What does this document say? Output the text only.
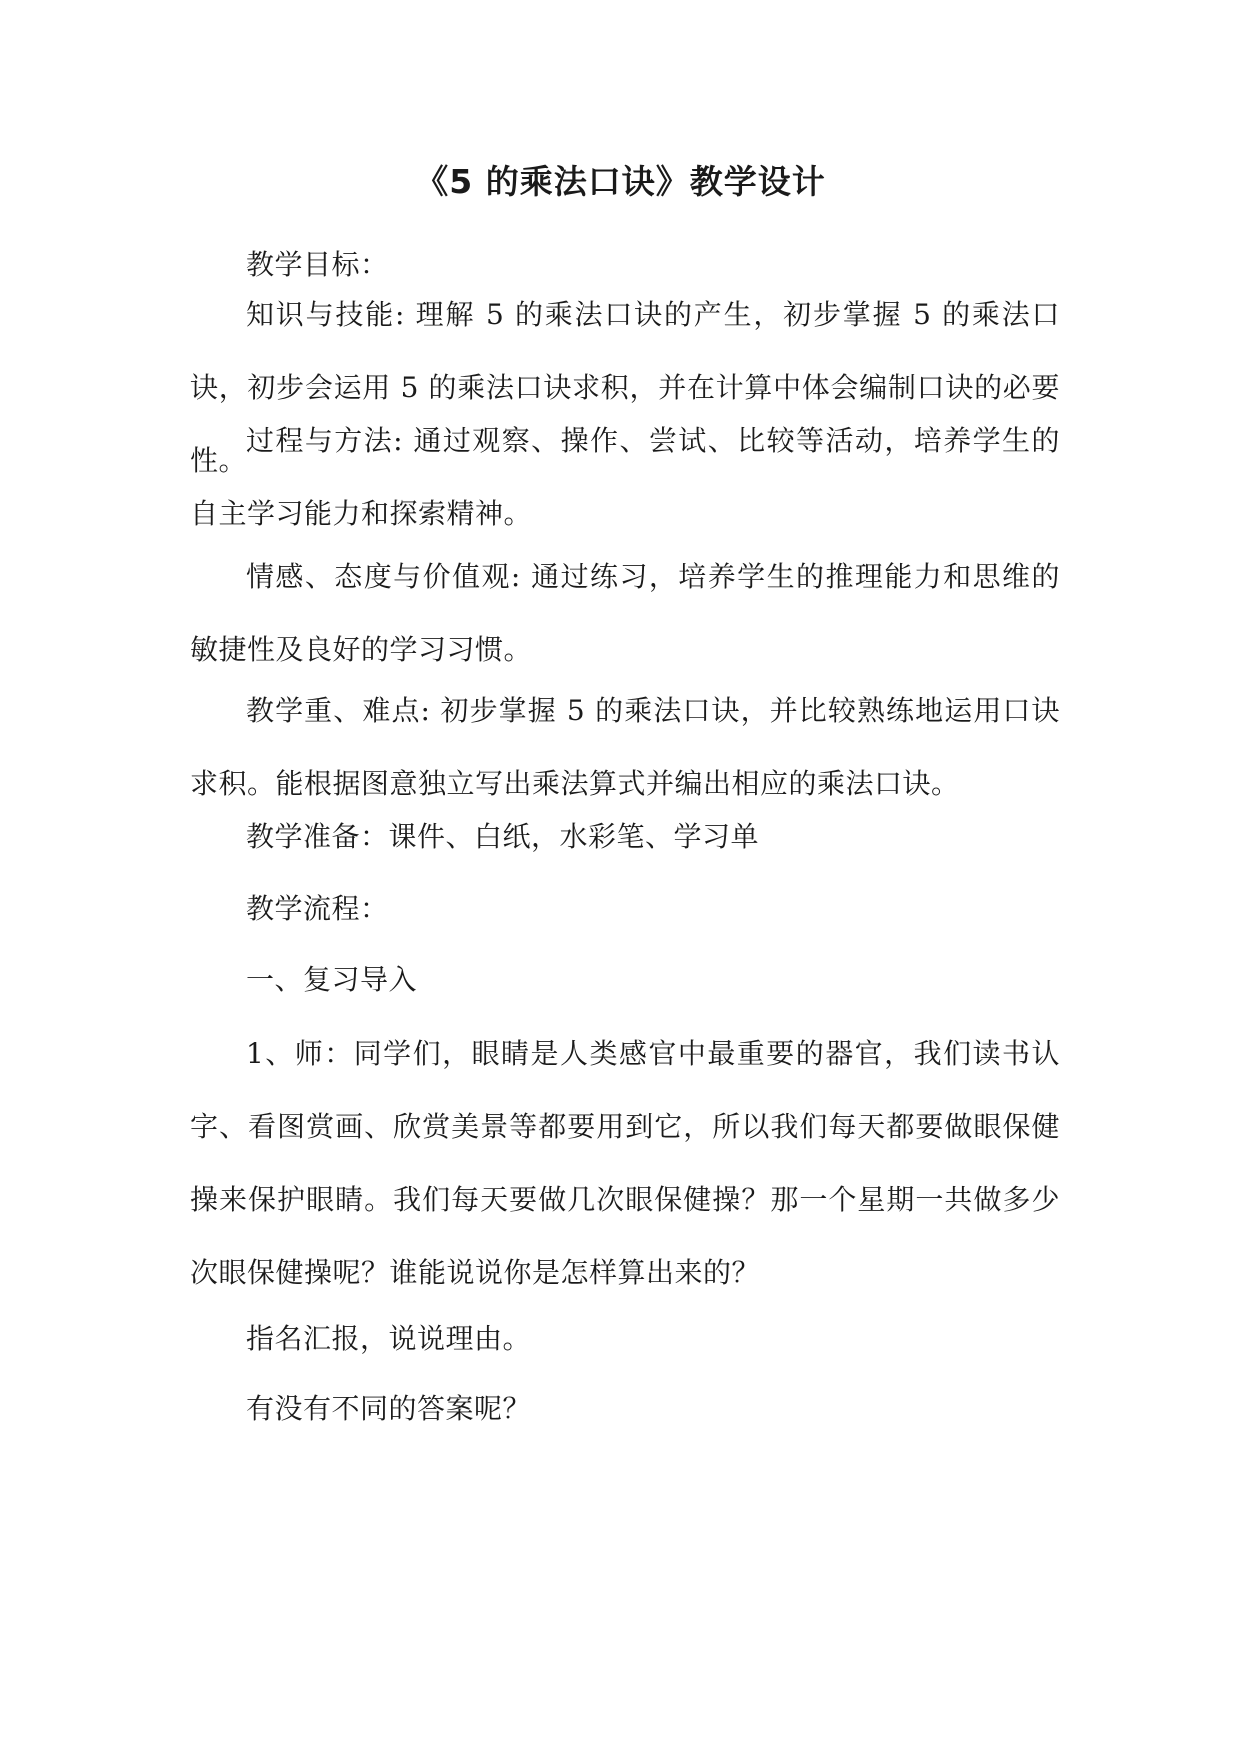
《5 的乘法口诀》教学设计

教学目标：

知识与技能: 理解 5 的乘法口诀的产生，初步掌握 5 的乘法口诀，初步会运用 5 的乘法口诀求积，并在计算中体会编制口诀的必要性。

过程与方法: 通过观察、操作、尝试、比较等活动，培养学生的自主学习能力和探索精神。

情感、态度与价值观: 通过练习，培养学生的推理能力和思维的敏捷性及良好的学习习惯。

教学重、难点: 初步掌握 5 的乘法口诀，并比较熟练地运用口诀求积。能根据图意独立写出乘法算式并编出相应的乘法口诀。

教学准备：课件、白纸，水彩笔、学习单

教学流程：

一、复习导入

1、师：同学们，眼睛是人类感官中最重要的器官，我们读书认字、看图赏画、欣赏美景等都要用到它，所以我们每天都要做眼保健操来保护眼睛。我们每天要做几次眼保健操？那一个星期一共做多少次眼保健操呢？谁能说说你是怎样算出来的？

指名汇报，说说理由。

有没有不同的答案呢？
